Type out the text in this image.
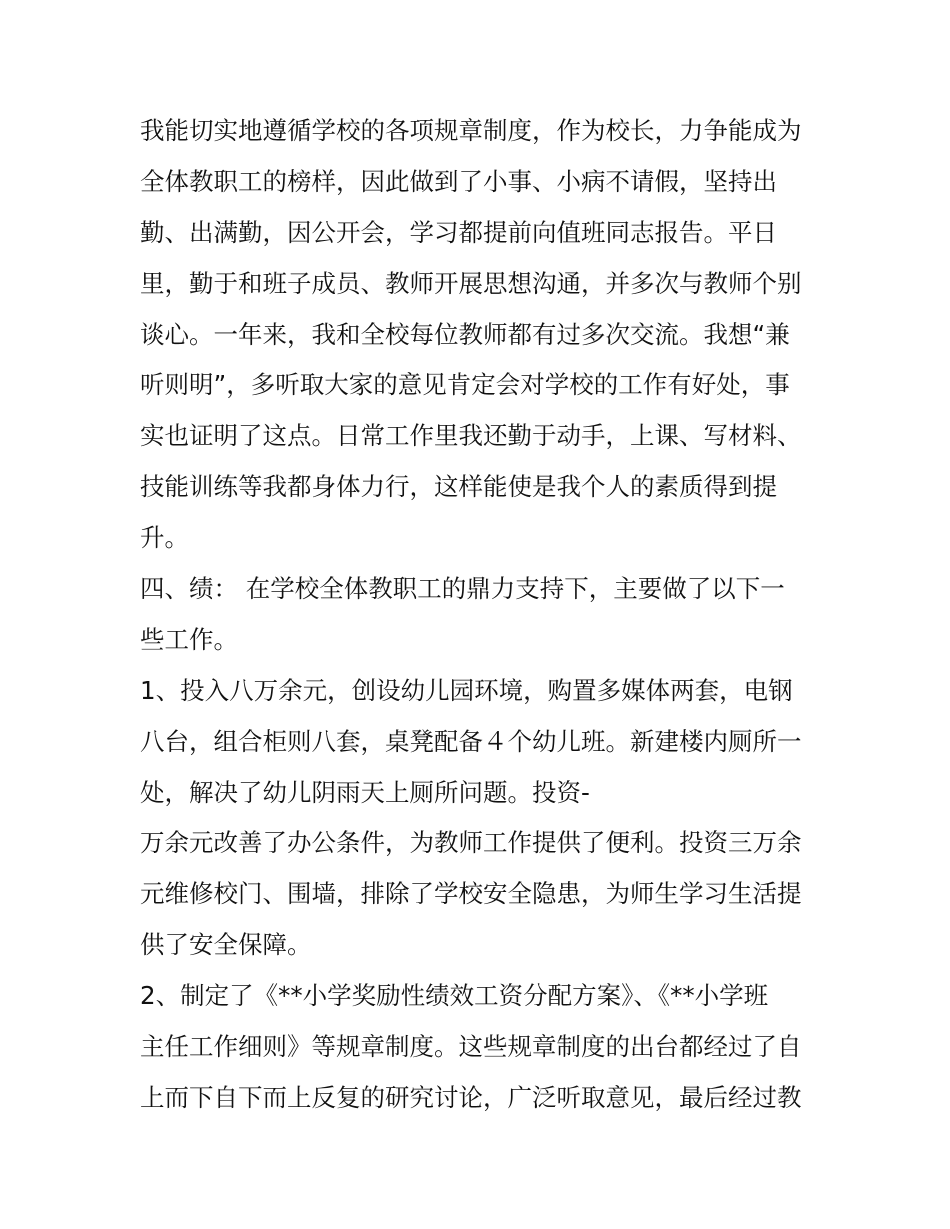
我能切实地遵循学校的各项规章制度，作为校长，力争能成为
全体教职工的榜样，因此做到了小事、小病不请假，坚持出
勤、出满勤，因公开会，学习都提前向值班同志报告。平日
里，勤于和班子成员、教师开展思想沟通，并多次与教师个别
谈心。一年来，我和全校每位教师都有过多次交流。我想“兼
听则明”，多听取大家的意见肯定会对学校的工作有好处，事
实也证明了这点。日常工作里我还勤于动手，上课、写材料、
技能训练等我都身体力行，这样能使是我个人的素质得到提
升。
四、绩： 在学校全体教职工的鼎力支持下，主要做了以下一
些工作。
1、投入八万余元，创设幼儿园环境，购置多媒体两套，电钢
八台，组合柜则八套，桌凳配备４个幼儿班。新建楼内厕所一
处，解决了幼儿阴雨天上厕所问题。投资-
万余元改善了办公条件，为教师工作提供了便利。投资三万余
元维修校门、围墙，排除了学校安全隐患，为师生学习生活提
供了安全保障。
2、制定了《**小学奖励性绩效工资分配方案》、《**小学班
主任工作细则》等规章制度。这些规章制度的出台都经过了自
上而下自下而上反复的研究讨论，广泛听取意见，最后经过教
